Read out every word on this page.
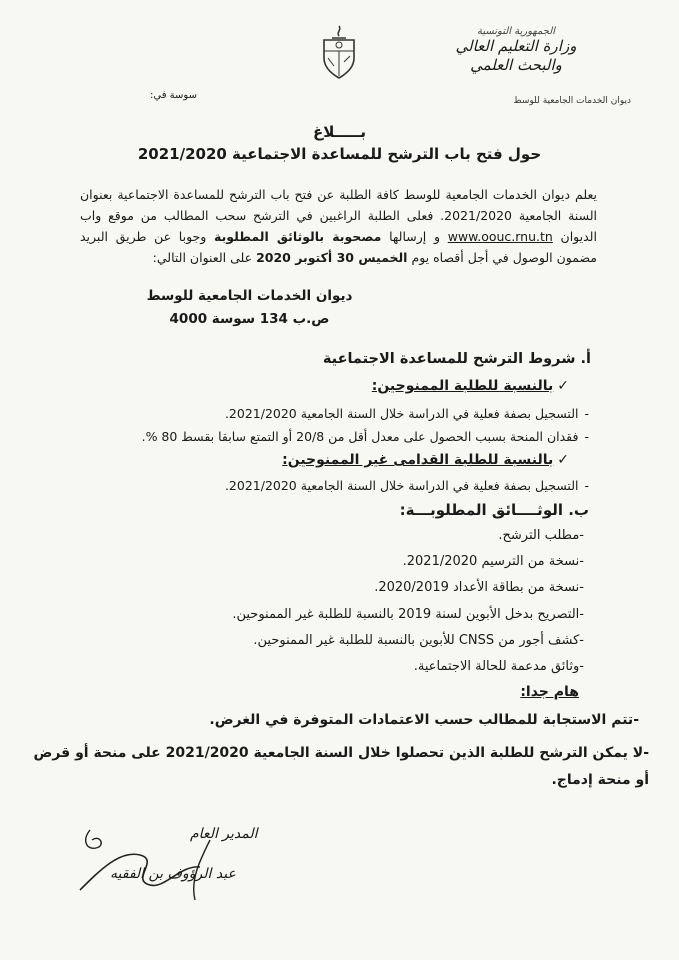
الجمهورية التونسية
وزارة التعليم العالي
والبحث العلمي
ديوان الخدمات الجامعية للوسط
سوسة في:
بـــــلاغ
حول فتح باب الترشح للمساعدة الاجتماعية 2021/2020
يعلم ديوان الخدمات الجامعية للوسط كافة الطلبة عن فتح باب الترشح للمساعدة الاجتماعية بعنوان السنة الجامعية 2021/2020. فعلى الطلبة الراغبين في الترشح سحب المطالب من موقع واب الديوان www.oouc.rnu.tn و إرسالها مصحوبة بالوثائق المطلوبة وجوبا عن طريق البريد مضمون الوصول في أجل أقصاه يوم الخميس 30 أكتوبر 2020 على العنوان التالي:
ديوان الخدمات الجامعية للوسط
ص.ب 134 سوسة 4000
أ. شروط الترشح للمساعدة الاجتماعية
✓بالنسبة للطلبة الممنوحين:
-التسجيل بصفة فعلية في الدراسة خلال السنة الجامعية 2021/2020.
-فقدان المنحة بسبب الحصول على معدل أقل من 20/8 أو التمتع سابقا بقسط 80 %.
✓بالنسبة للطلبة القدامى غير الممنوحين:
-التسجيل بصفة فعلية في الدراسة خلال السنة الجامعية 2021/2020.
ب. الوثــــائق المطلوبـــة:
-مطلب الترشح.
-نسخة من الترسيم 2021/2020.
-نسخة من بطاقة الأعداد 2020/2019.
-التصريح بدخل الأبوين لسنة 2019 بالنسبة للطلبة غير الممنوحين.
-كشف أجور من CNSS للأبوين بالنسبة للطلبة غير الممنوحين.
-وثائق مدعمة للحالة الاجتماعية.
هام جدا:
-تتم الاستجابة للمطالب حسب الاعتمادات المتوفرة في الغرض.
-لا يمكن الترشح للطلبة الذين تحصلوا خلال السنة الجامعية 2021/2020 على منحة أو قرض أو منحة إدماج.
المدير العام
عبد الرؤوف بن الفقيه
